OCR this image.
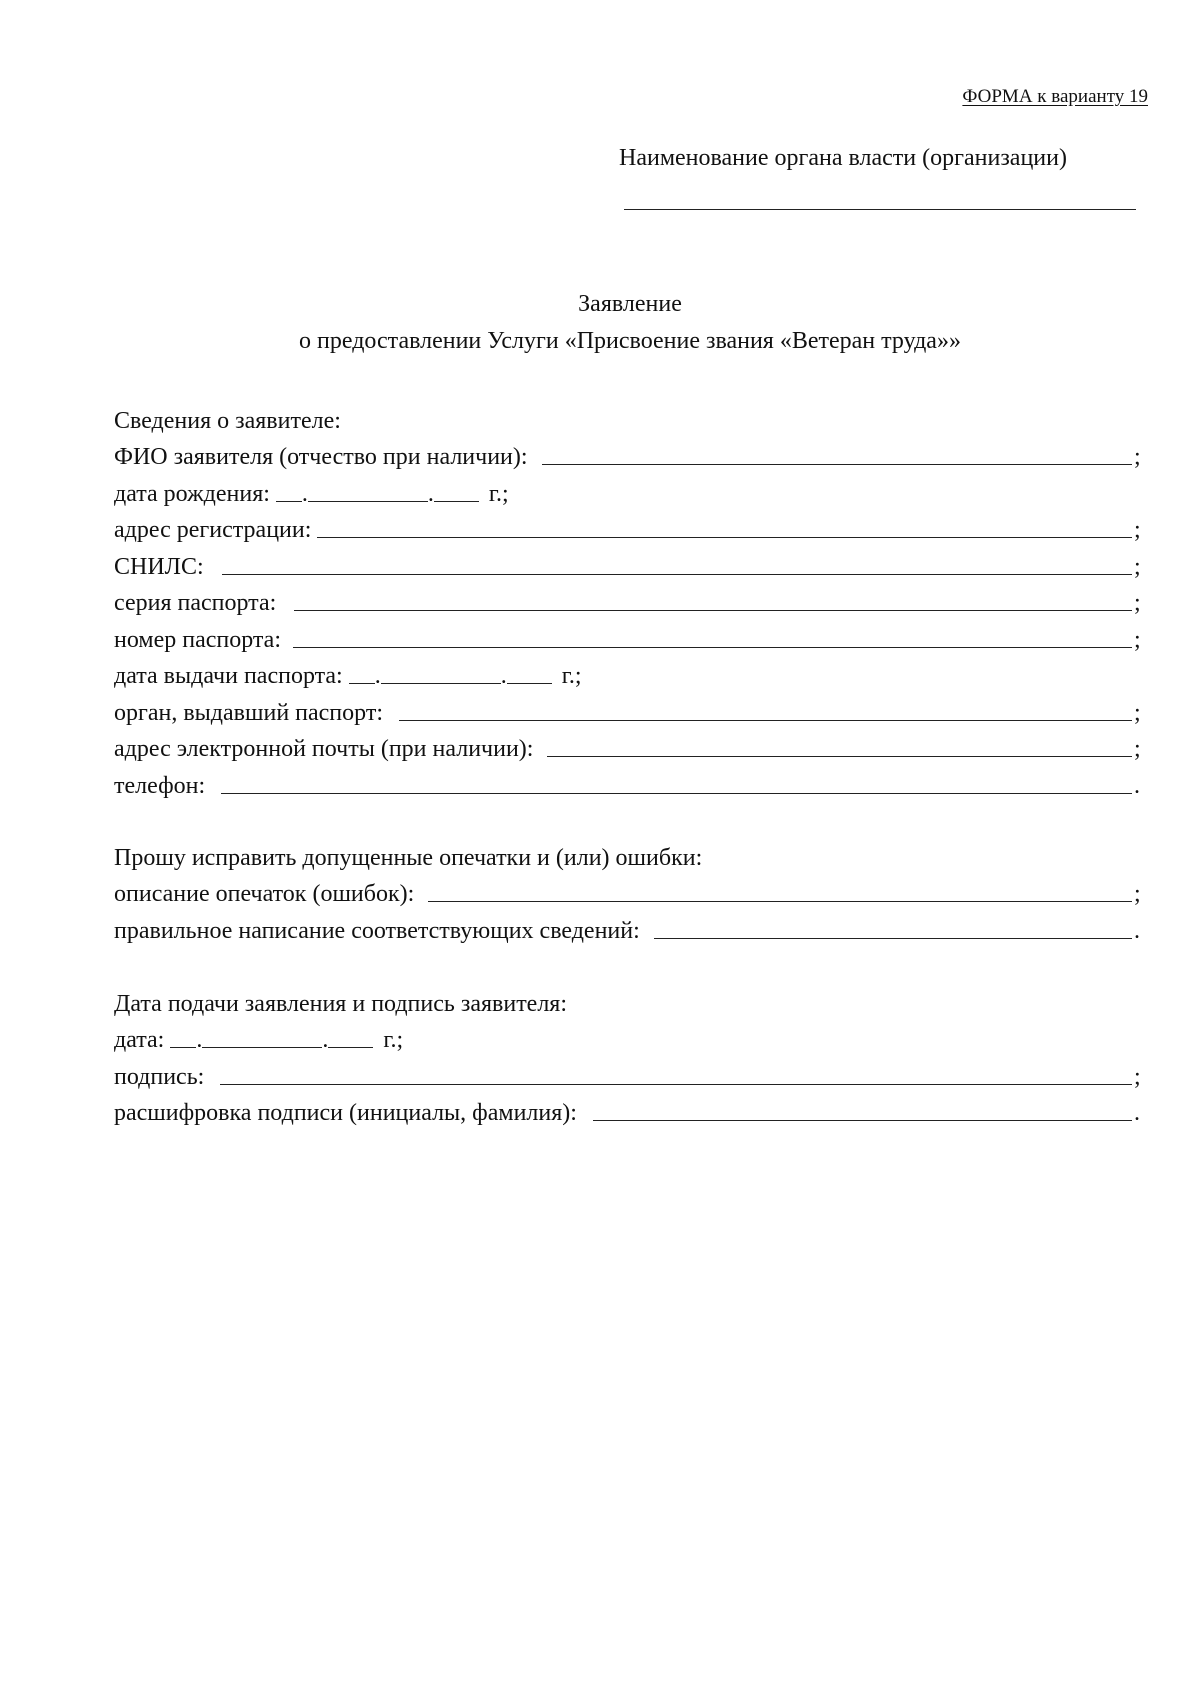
ФОРМА к варианту 19
Наименование органа власти (организации)
Заявление
о предоставлении Услуги «Присвоение звания «Ветеран труда»»
Сведения о заявителе:
ФИО заявителя (отчество при наличии):	;
дата рождения: .	.	г.;
адрес регистрации:	;
СНИЛС:	;
серия паспорта:	;
номер паспорта:	;
дата выдачи паспорта: .	.	г.;
орган, выдавший паспорт:	;
адрес электронной почты (при наличии):	;
телефон:	.
Прошу исправить допущенные опечатки и (или) ошибки:
описание опечаток (ошибок):	;
правильное написание соответствующих сведений:	.
Дата подачи заявления и подпись заявителя:
дата: .	.	г.;
подпись:	;
расшифровка подписи (инициалы, фамилия):	.
